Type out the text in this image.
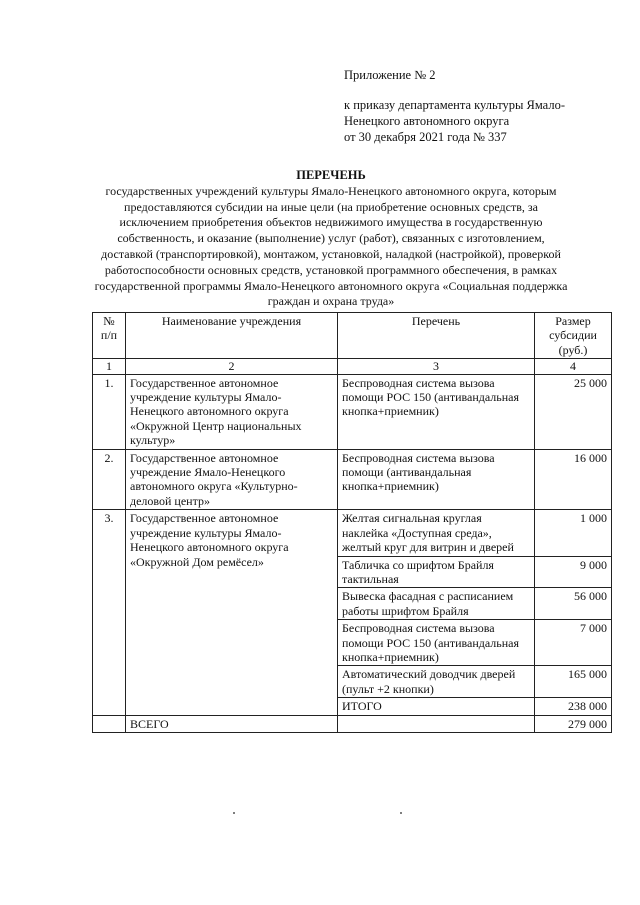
Приложение № 2
к приказу департамента культуры Ямало-
Ненецкого автономного округа
от 30 декабря 2021 года № 337
ПЕРЕЧЕНЬ
государственных учреждений культуры Ямало-Ненецкого автономного округа, которым
предоставляются субсидии на иные цели (на приобретение основных средств, за
исключением приобретения объектов недвижимого имущества в государственную
собственность, и оказание (выполнение) услуг (работ), связанных с изготовлением,
доставкой (транспортировкой), монтажом, установкой, наладкой (настройкой), проверкой
работоспособности основных средств, установкой программного обеспечения, в рамках
государственной программы Ямало-Ненецкого автономного округа «Социальная поддержка
граждан и охрана труда»
№ п/п	Наименование учреждения	Перечень	Размер субсидии (руб.)
1	2	3	4
1.	Государственное автономное учреждение культуры Ямало-Ненецкого автономного округа «Окружной Центр национальных культур»	Беспроводная система вызова помощи РОС 150 (антивандальная кнопка+приемник)	25 000
2.	Государственное автономное учреждение Ямало-Ненецкого автономного округа «Культурно-деловой центр»	Беспроводная система вызова помощи (антивандальная кнопка+приемник)	16 000
3.	Государственное автономное учреждение культуры Ямало-Ненецкого автономного округа «Окружной Дом ремёсел»	Желтая сигнальная круглая наклейка «Доступная среда», желтый круг для витрин и дверей	1 000
		Табличка со шрифтом Брайля тактильная	9 000
		Вывеска фасадная с расписанием работы шрифтом Брайля	56 000
		Беспроводная система вызова помощи РОС 150 (антивандальная кнопка+приемник)	7 000
		Автоматический доводчик дверей (пульт +2 кнопки)	165 000
		ИТОГО	238 000
	ВСЕГО		279 000
